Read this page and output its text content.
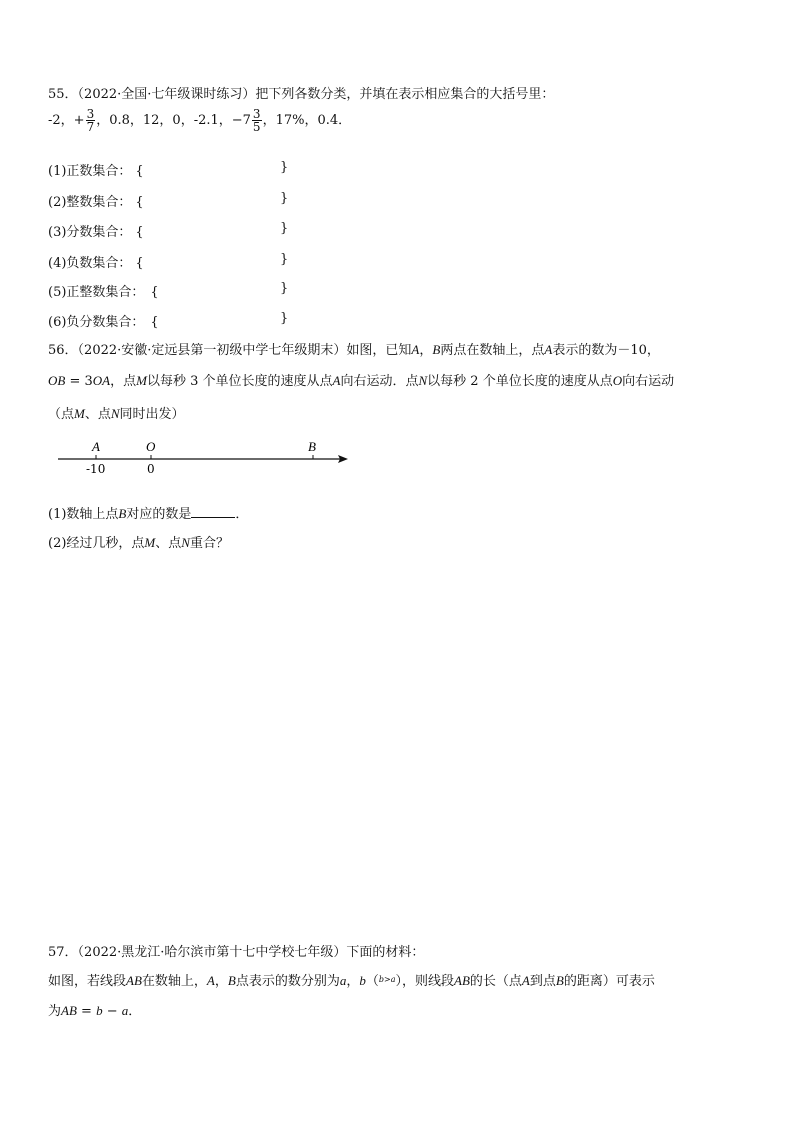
55．（2022·全国·七年级课时练习）把下列各数分类，并填在表示相应集合的大括号里：
-2，+ $\frac{3}{7}$ ，0.8，12，0，-2.1，$-7 \frac{3}{5}$ ，17%，0.4．
(1)正数集合： {	}
(2)整数集合： {	}
(3)分数集合： {	}
(4)负数集合： {	}
(5)正整数集合： {	}
(6)负分数集合： {	}
56．（2022·安徽·定远县第一初级中学七年级期末）如图，已知A，B两点在数轴上，点A表示的数为－10，
OB = 3OA，点M以每秒 3 个单位长度的速度从点A向右运动．点N以每秒 2 个单位长度的速度从点O向右运动
（点M、点N同时出发）
A	O	B
-10	0
(1)数轴上点B对应的数是	．
(2)经过几秒，点M、点N重合？
57．（2022·黑龙江·哈尔滨市第十七中学校七年级）下面的材料：
如图，若线段AB在数轴上，A，B点表示的数分别为a，b（$^{b>a}$），则线段AB的长（点A到点B的距离）可表示
为AB = b − a．
